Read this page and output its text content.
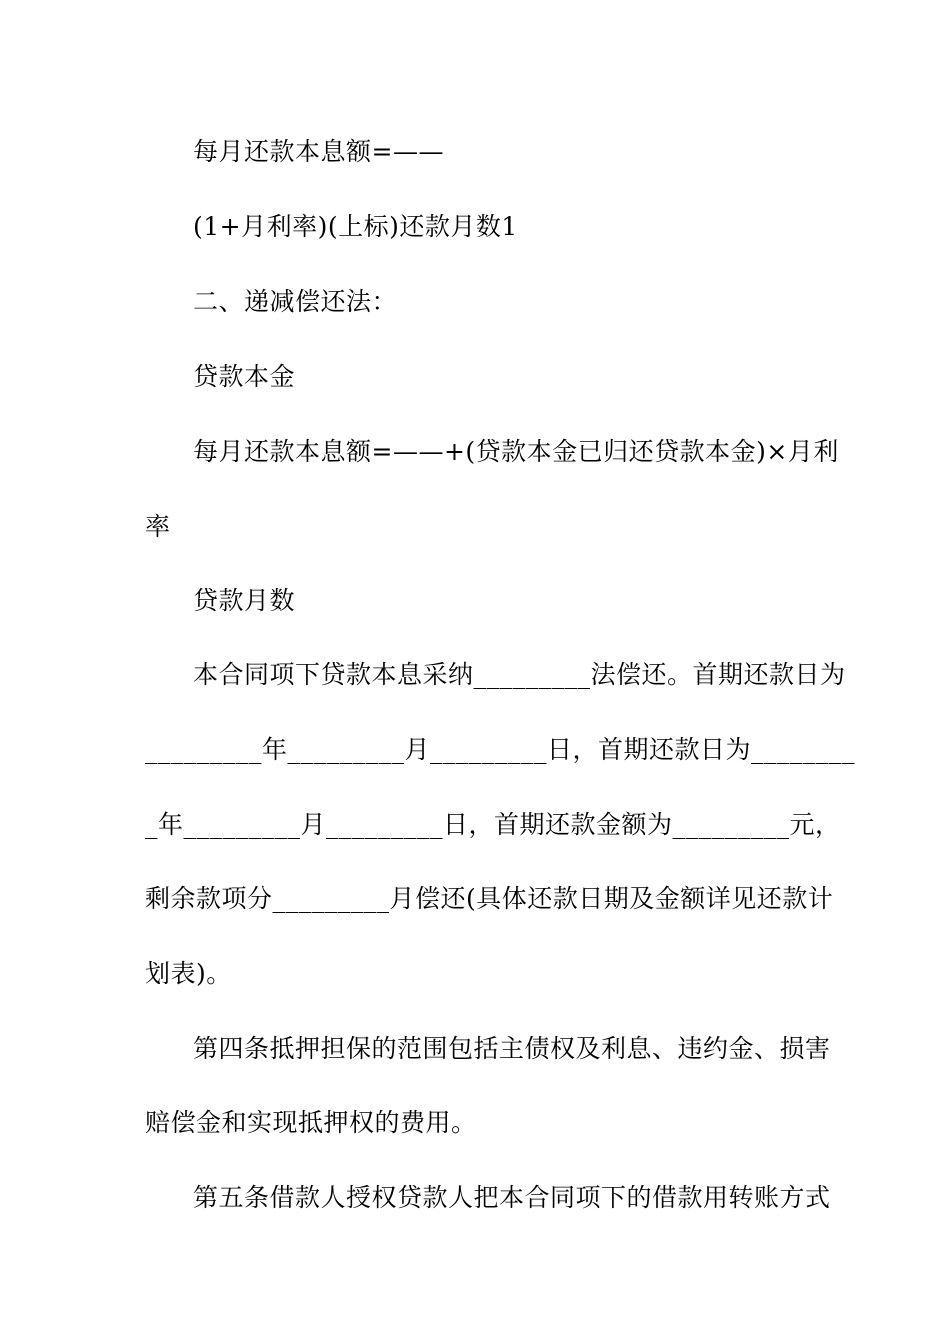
每月还款本息额=——
(1+月利率)(上标)还款月数1
二、递减偿还法：
贷款本金
每月还款本息额=——+(贷款本金已归还贷款本金)×月利
率
贷款月数
本合同项下贷款本息采纳_________法偿还。首期还款日为
_________年_________月_________日，首期还款日为________
_年_________月_________日，首期还款金额为_________元，
剩余款项分_________月偿还(具体还款日期及金额详见还款计
划表)。
第四条抵押担保的范围包括主债权及利息、违约金、损害
赔偿金和实现抵押权的费用。
第五条借款人授权贷款人把本合同项下的借款用转账方式
